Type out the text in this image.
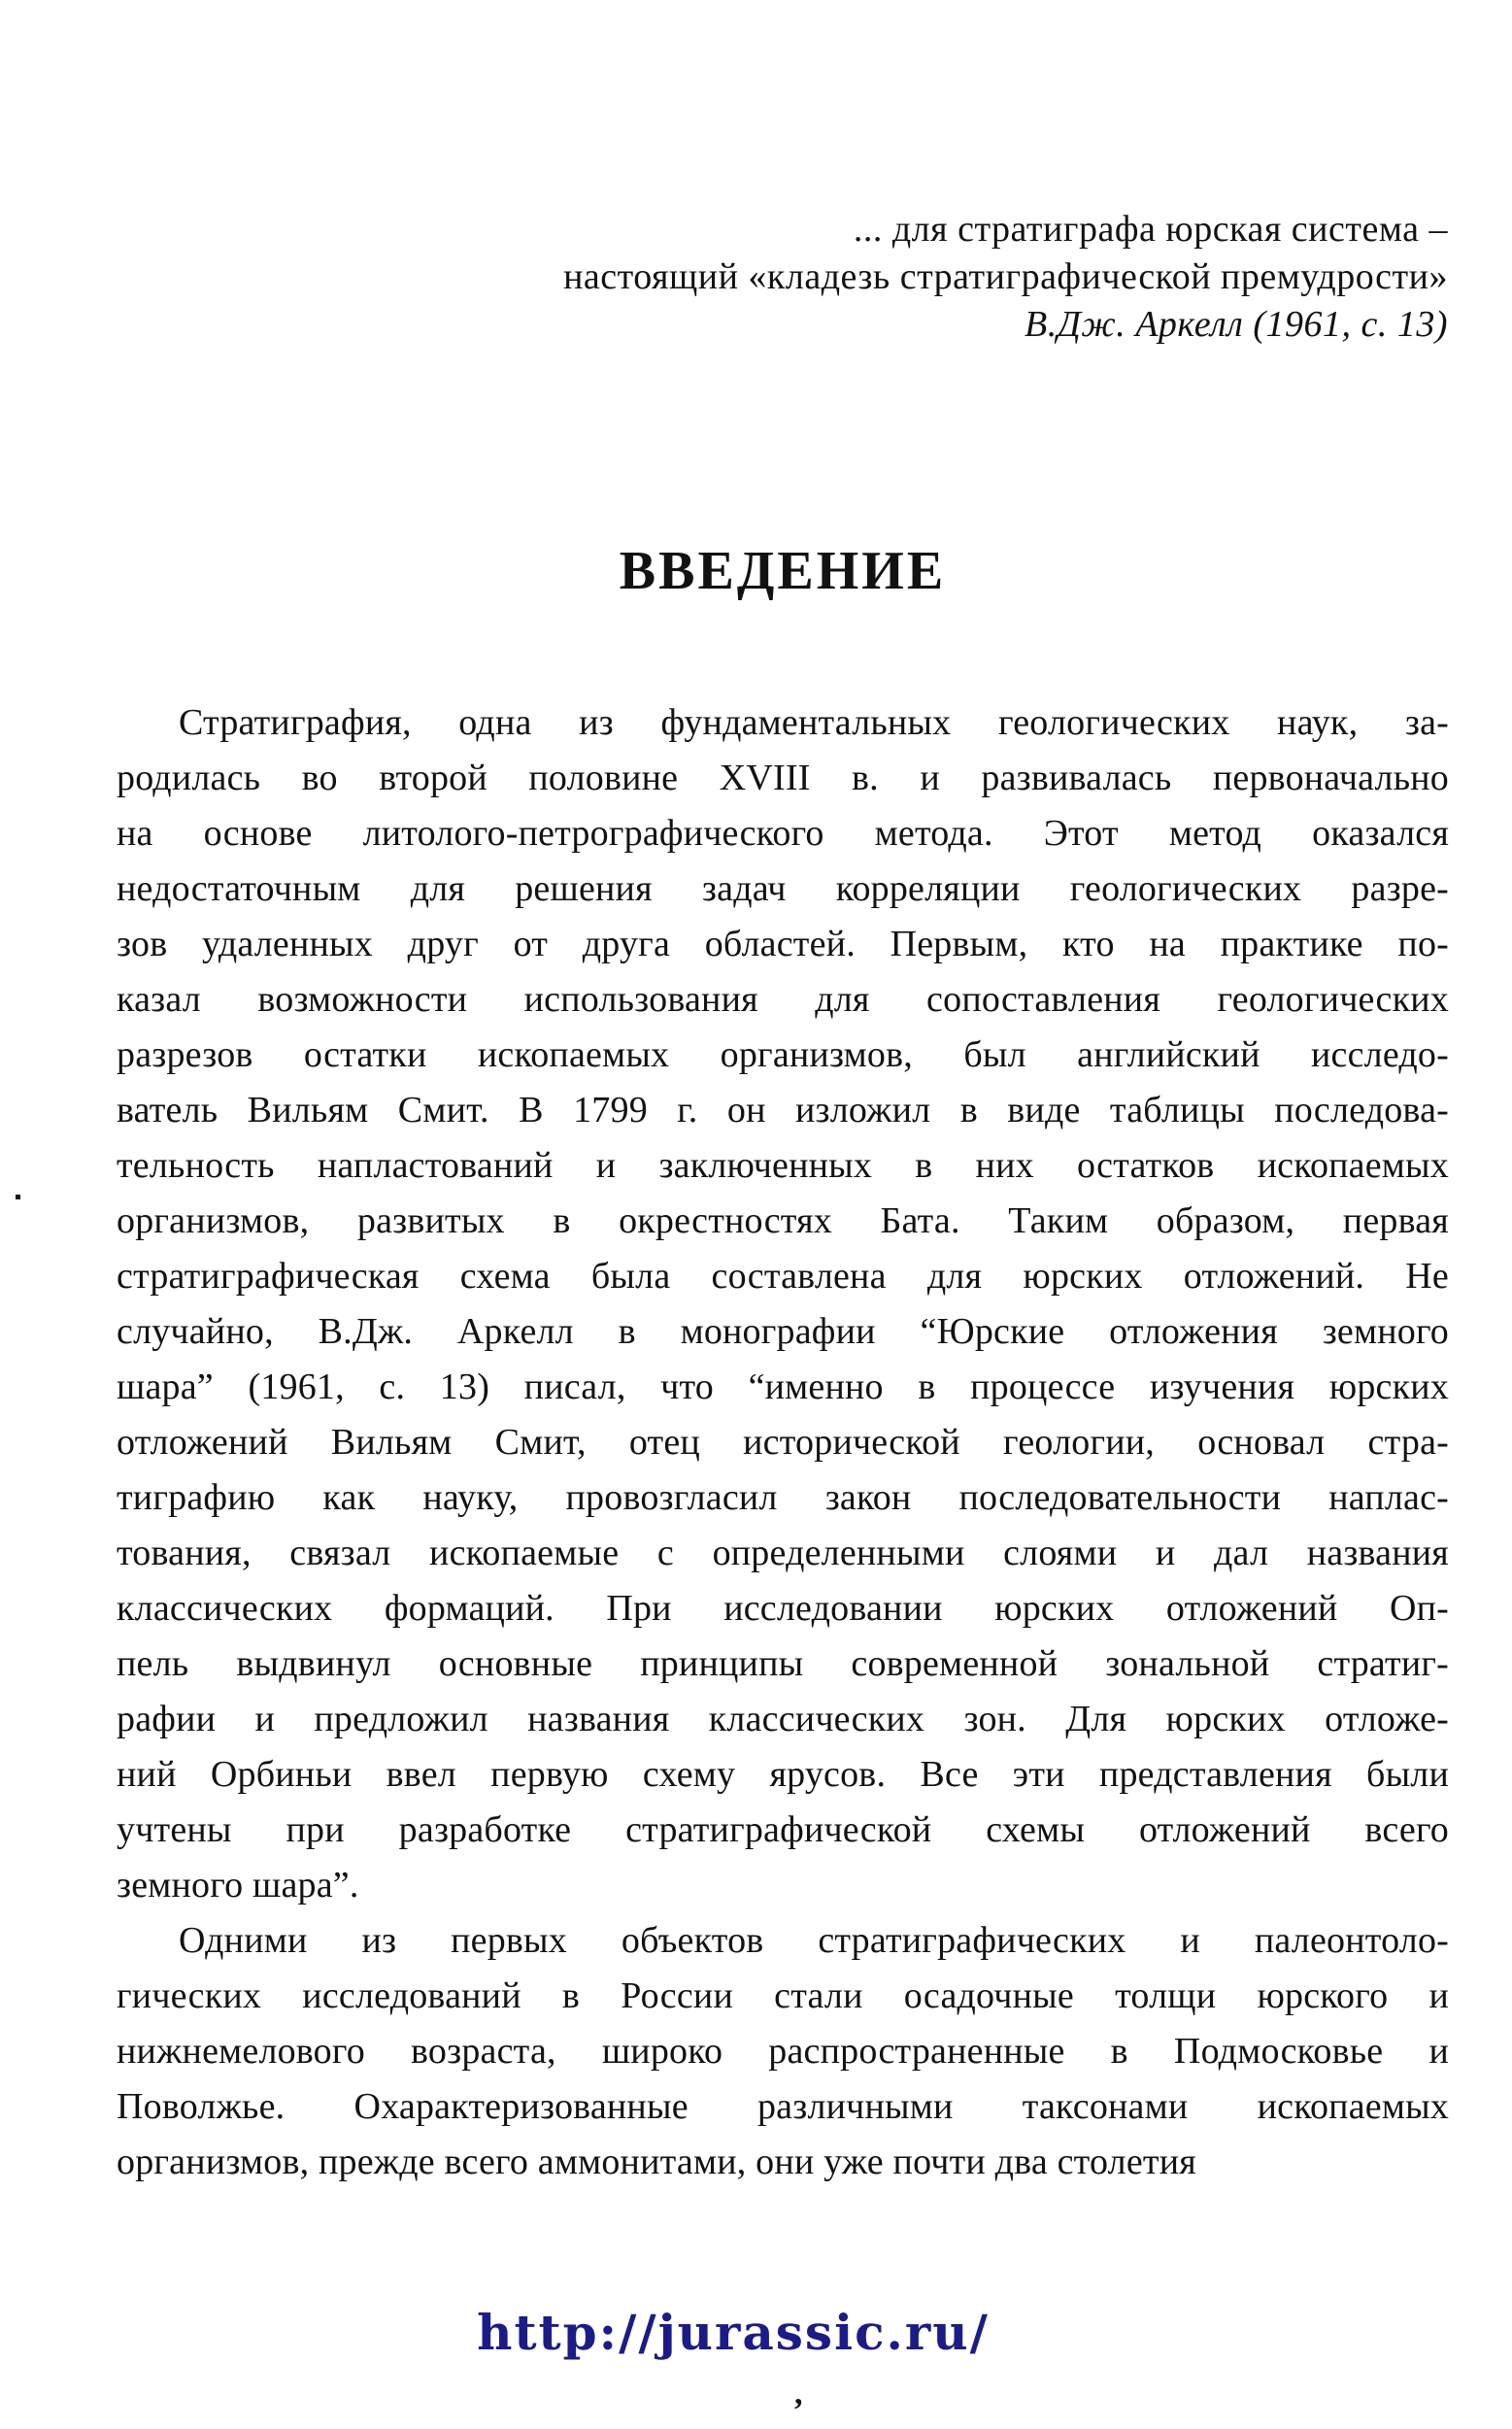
... для стратиграфа юрская система –
настоящий «кладезь стратиграфической премудрости»
В.Дж. Аркелл (1961, с. 13)
ВВЕДЕНИЕ
Стратиграфия, одна из фундаментальных геологических наук, за-
родилась во второй половине XVIII в. и развивалась первоначально
на основе литолого-петрографического метода. Этот метод оказался
недостаточным для решения задач корреляции геологических разре-
зов удаленных друг от друга областей. Первым, кто на практике по-
казал возможности использования для сопоставления геологических
разрезов остатки ископаемых организмов, был английский исследо-
ватель Вильям Смит. В 1799 г. он изложил в виде таблицы последова-
тельность напластований и заключенных в них остатков ископаемых
организмов, развитых в окрестностях Бата. Таким образом, первая
стратиграфическая схема была составлена для юрских отложений. Не
случайно, В.Дж. Аркелл в монографии “Юрские отложения земного
шара” (1961, с. 13) писал, что “именно в процессе изучения юрских
отложений Вильям Смит, отец исторической геологии, основал стра-
тиграфию как науку, провозгласил закон последовательности наплас-
тования, связал ископаемые с определенными слоями и дал названия
классических формаций. При исследовании юрских отложений Оп-
пель выдвинул основные принципы современной зональной стратиг-
рафии и предложил названия классических зон. Для юрских отложе-
ний Орбиньи ввел первую схему ярусов. Все эти представления были
учтены при разработке стратиграфической схемы отложений всего
земного шара”.
Одними из первых объектов стратиграфических и палеонтоло-
гических исследований в России стали осадочные толщи юрского и
нижнемелового возраста, широко распространенные в Подмосковье и
Поволжье. Охарактеризованные различными таксонами ископаемых
организмов, прежде всего аммонитами, они уже почти два столетия
http://jurassic.ru/
,
